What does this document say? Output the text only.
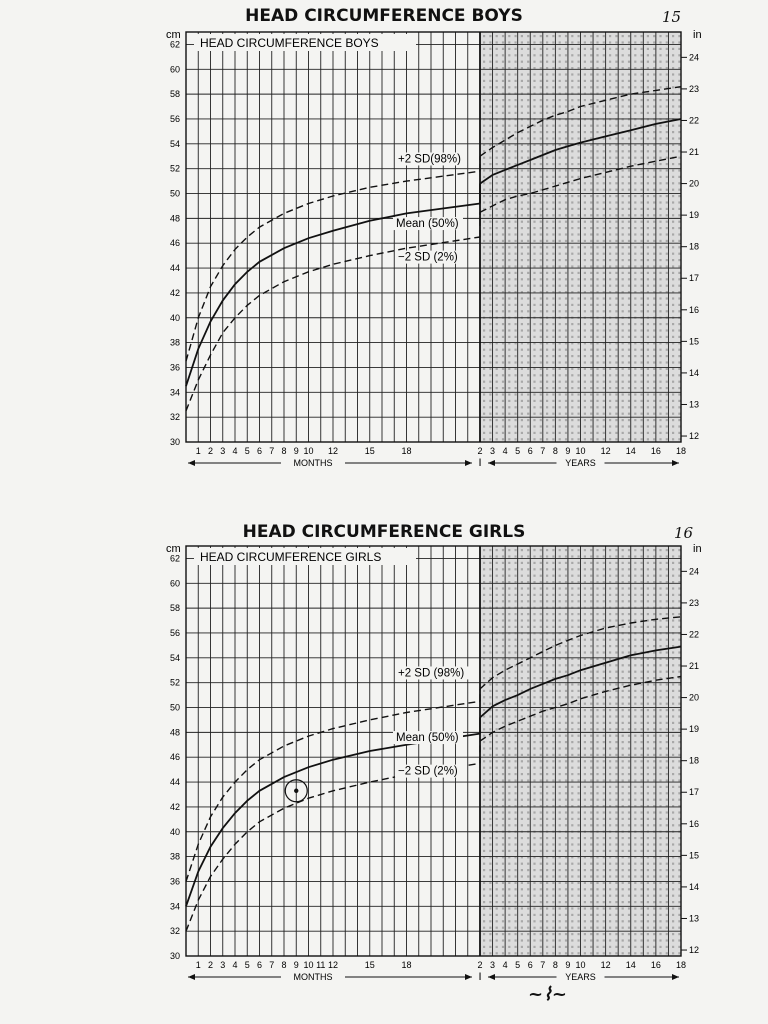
HEAD CIRCUMFERENCE BOYS	15
HEAD CIRCUMFERENCE BOYS
cm
30
32
34
36
38
40
42
44
46
48
50
52
54
56
58
60
62
in
12
13
14
15
16
17
18
19
20
21
22
23
24
1 2 3 4 5 6 7 8 9 10 12	15	18	2 3 4 5 6 7 8 9 10 12 14 16 18
I
MONTHS	YEARS
+2 SD(98%)
Mean (50%)
−2 SD (2%)
HEAD CIRCUMFERENCE GIRLS	16
HEAD CIRCUMFERENCE GIRLS
cm
30
32
34
36
38
40
42
44
46
48
50
52
54
56
58
60
62
in
12
13
14
15
16
17
18
19
20
21
22
23
24
1 2 3 4 5 6 7 8 9 10 11 12	15	18	2 3 4 5 6 7 8 9 10 12 14 16 18
I
MONTHS	YEARS
+2 SD (98%)
Mean (50%)
−2 SD (2%)
~⌇~
